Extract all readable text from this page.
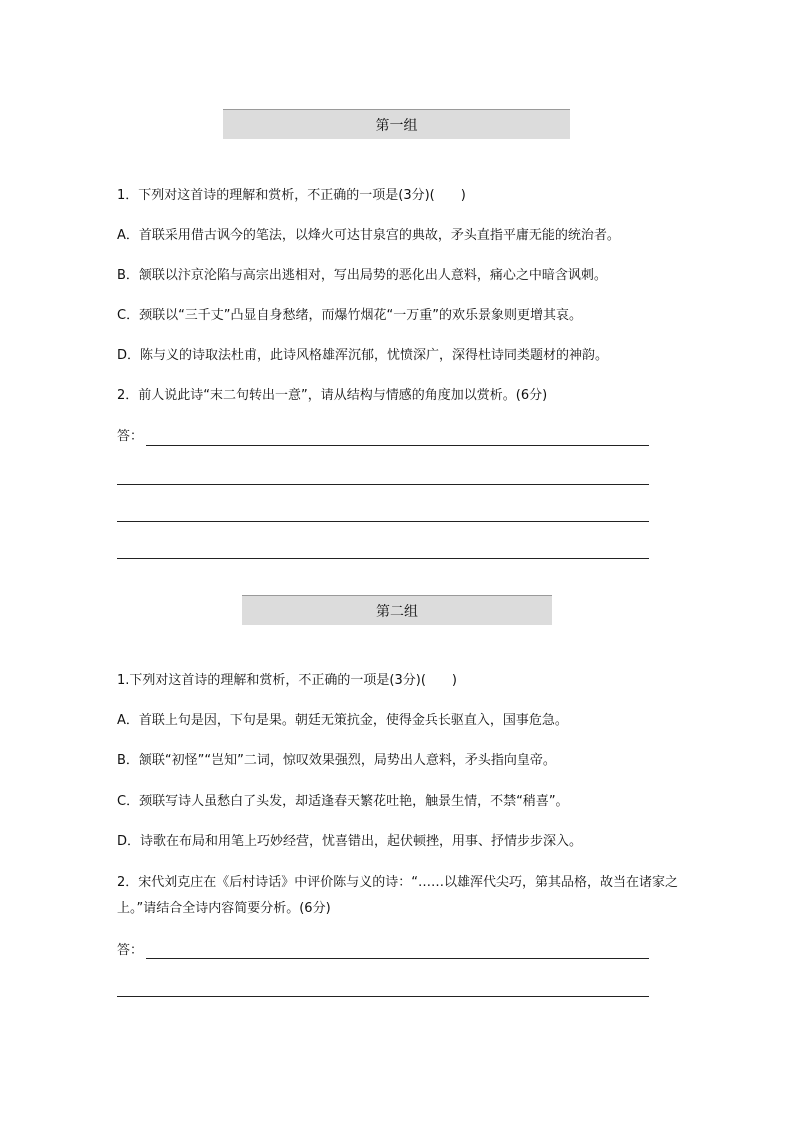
第一组
1．下列对这首诗的理解和赏析，不正确的一项是(3分)(　　)
A．首联采用借古讽今的笔法，以烽火可达甘泉宫的典故，矛头直指平庸无能的统治者。
B．颔联以汴京沦陷与高宗出逃相对，写出局势的恶化出人意料，痛心之中暗含讽刺。
C．颈联以“三千丈”凸显自身愁绪，而爆竹烟花“一万重”的欢乐景象则更增其哀。
D．陈与义的诗取法杜甫，此诗风格雄浑沉郁，忧愤深广，深得杜诗同类题材的神韵。
2．前人说此诗“末二句转出一意”，请从结构与情感的角度加以赏析。(6分)
答：
第二组
1.下列对这首诗的理解和赏析，不正确的一项是(3分)(　　)
A．首联上句是因，下句是果。朝廷无策抗金，使得金兵长驱直入，国事危急。
B．颔联“初怪”“岂知”二词，惊叹效果强烈，局势出人意料，矛头指向皇帝。
C．颈联写诗人虽愁白了头发，却适逢春天繁花吐艳，触景生情，不禁“稍喜”。
D．诗歌在布局和用笔上巧妙经营，忧喜错出，起伏顿挫，用事、抒情步步深入。
2．宋代刘克庄在《后村诗话》中评价陈与义的诗：“……以雄浑代尖巧，第其品格，故当在诸家之上。”请结合全诗内容简要分析。(6分)
答：
